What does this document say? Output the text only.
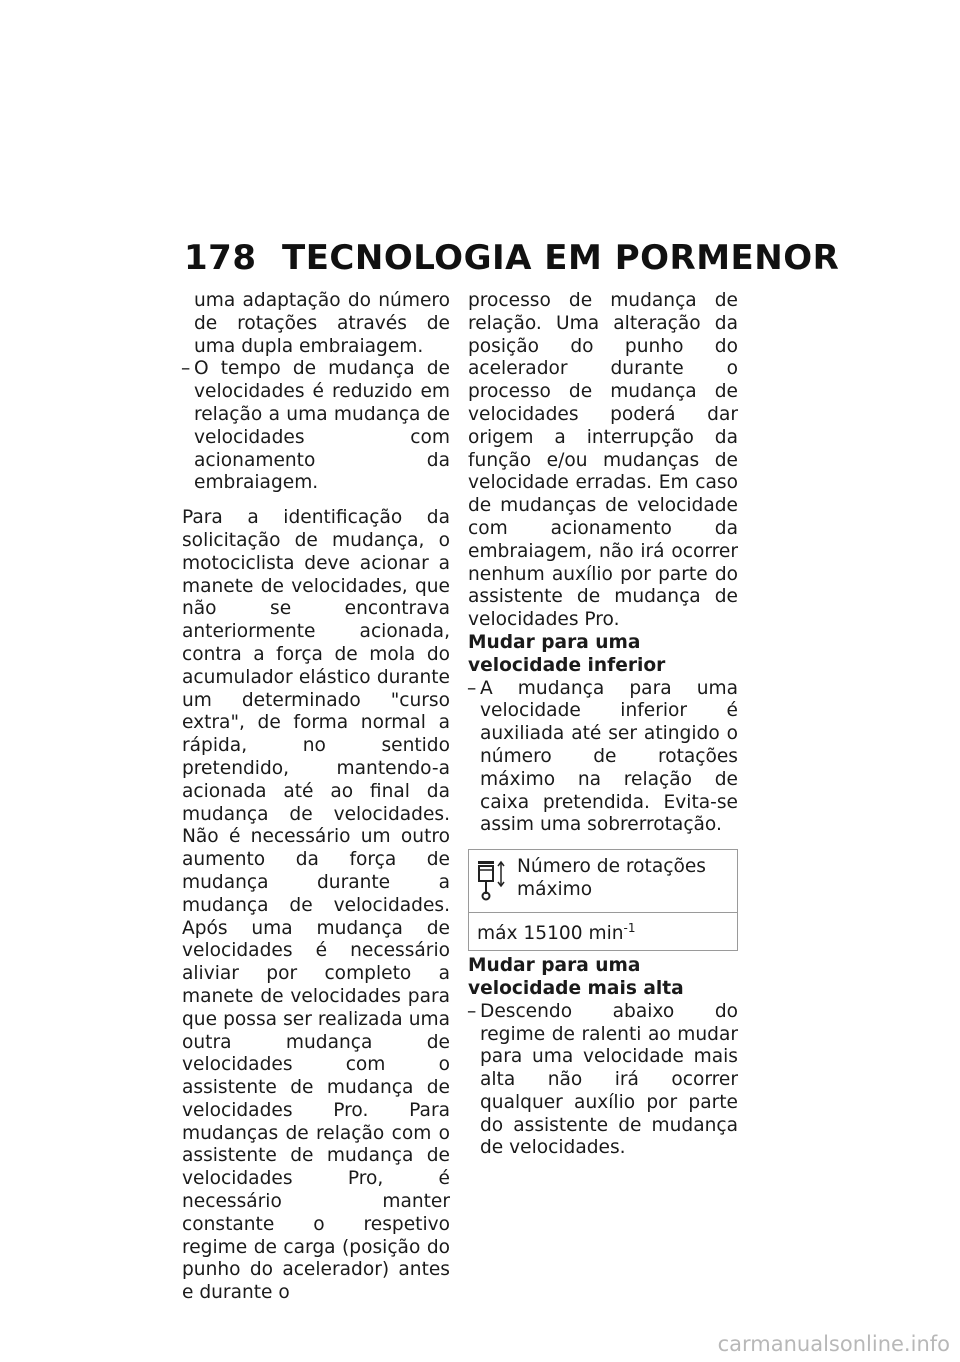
178 TECNOLOGIA EM PORMENOR
uma adaptação do número de rotações através de uma dupla embraiagem.
– O tempo de mudança de velocidades é reduzido em relação a uma mudança de velocidades com acionamento da embraiagem.

Para a identificação da solicitação de mudança, o motociclista deve acionar a manete de velocidades, que não se encontrava anteriormente acionada, contra a força de mola do acumulador elástico durante um determinado "curso extra", de forma normal a rápida, no sentido pretendido, mantendo-a acionada até ao final da mudança de velocidades. Não é necessário um outro aumento da força de mudança durante a mudança de velocidades. Após uma mudança de velocidades é necessário aliviar por completo a manete de velocidades para que possa ser realizada uma outra mudança de velocidades com o assistente de mudança de velocidades Pro. Para mudanças de relação com o assistente de mudança de velocidades Pro, é necessário manter constante o respetivo regime de carga (posição do punho do acelerador) antes e durante o

processo de mudança de relação. Uma alteração da posição do punho do acelerador durante o processo de mudança de velocidades poderá dar origem a interrupção da função e/ou mudanças de velocidade erradas. Em caso de mudanças de velocidade com acionamento da embraiagem, não irá ocorrer nenhum auxílio por parte do assistente de mudança de velocidades Pro.

Mudar para uma velocidade inferior
– A mudança para uma velocidade inferior é auxiliada até ser atingido o número de rotações máximo na relação de caixa pretendida. Evita-se assim uma sobrerrotação.
Número de rotações máximo
máx 15100 $\min^{-1}$
Mudar para uma velocidade mais alta
– Descendo abaixo do regime de ralenti ao mudar para uma velocidade mais alta não irá ocorrer qualquer auxílio por parte do assistente de mudança de velocidades.
carmanualsonline.info
